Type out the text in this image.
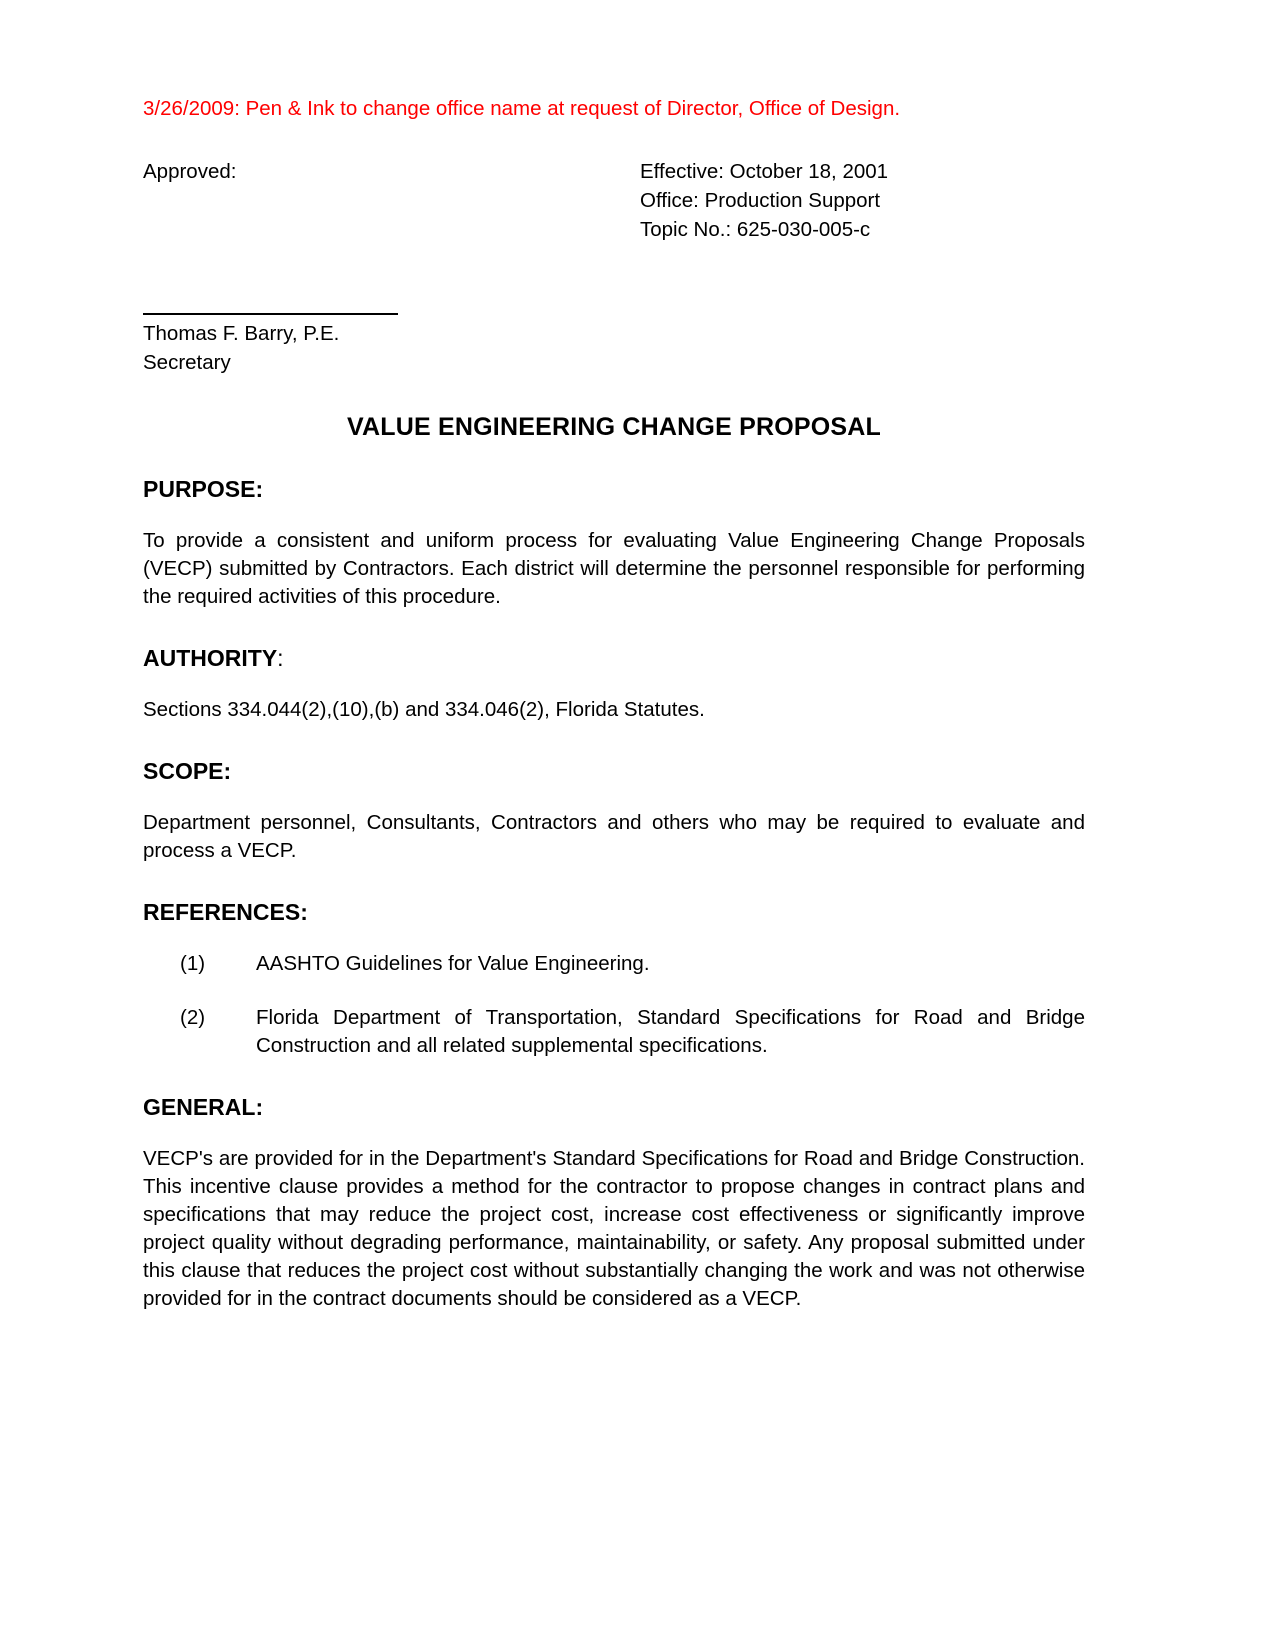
3/26/2009: Pen & Ink to change office name at request of Director, Office of Design.
Approved:	Effective: October 18, 2001
Office: Production Support
Topic No.: 625-030-005-c
Thomas F. Barry, P.E.
Secretary
VALUE ENGINEERING CHANGE PROPOSAL
PURPOSE:

To provide a consistent and uniform process for evaluating Value Engineering Change Proposals (VECP) submitted by Contractors. Each district will determine the personnel responsible for performing the required activities of this procedure.

AUTHORITY:

Sections 334.044(2),(10),(b) and 334.046(2), Florida Statutes.

SCOPE:

Department personnel, Consultants, Contractors and others who may be required to evaluate and process a VECP.

REFERENCES:
(1) AASHTO Guidelines for Value Engineering.
(2) Florida Department of Transportation, Standard Specifications for Road and Bridge Construction and all related supplemental specifications.
GENERAL:

VECP's are provided for in the Department's Standard Specifications for Road and Bridge Construction. This incentive clause provides a method for the contractor to propose changes in contract plans and specifications that may reduce the project cost, increase cost effectiveness or significantly improve project quality without degrading performance, maintainability, or safety. Any proposal submitted under this clause that reduces the project cost without substantially changing the work and was not otherwise provided for in the contract documents should be considered as a VECP.
